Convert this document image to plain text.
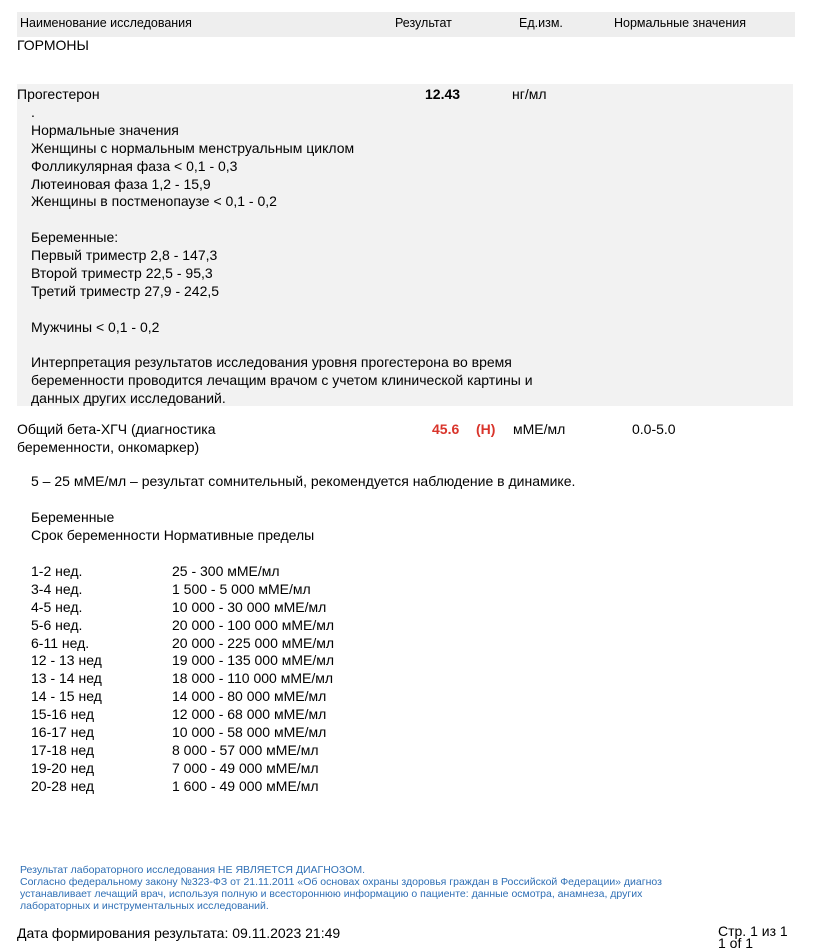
Наименование исследования	Результат	Ед.изм.	Нормальные значения
ГОРМОНЫ
Прогестерон	12.43	нг/мл
.
Нормальные значения
Женщины с нормальным менструальным циклом
Фолликулярная фаза < 0,1 - 0,3
Лютеиновая фаза 1,2 - 15,9
Женщины в постменопаузе < 0,1 - 0,2
Беременные:
Первый триместр 2,8 - 147,3
Второй триместр 22,5 - 95,3
Третий триместр 27,9 - 242,5
Мужчины < 0,1 - 0,2
Интерпретация результатов исследования уровня прогестерона во время
беременности проводится лечащим врачом с учетом клинической картины и
данных других исследований.
Общий бета-ХГЧ (диагностика
беременности, онкомаркер)
45.6 (H) мМЕ/мл	0.0-5.0
5 – 25 мМЕ/мл – результат сомнительный, рекомендуется наблюдение в динамике.
Беременные
Срок беременности Нормативные пределы
1-2 нед.	25 - 300 мМЕ/мл
3-4 нед.	1 500 - 5 000 мМЕ/мл
4-5 нед.	10 000 - 30 000 мМЕ/мл
5-6 нед.	20 000 - 100 000 мМЕ/мл
6-11 нед.	20 000 - 225 000 мМЕ/мл
12 - 13 нед	19 000 - 135 000 мМЕ/мл
13 - 14 нед	18 000 - 110 000 мМЕ/мл
14 - 15 нед	14 000 - 80 000 мМЕ/мл
15-16 нед	12 000 - 68 000 мМЕ/мл
16-17 нед	10 000 - 58 000 мМЕ/мл
17-18 нед	8 000 - 57 000 мМЕ/мл
19-20 нед	7 000 - 49 000 мМЕ/мл
20-28 нед	1 600 - 49 000 мМЕ/мл
Результат лабораторного исследования НЕ ЯВЛЯЕТСЯ ДИАГНОЗОМ.
Согласно федеральному закону №323-ФЗ от 21.11.2011 «Об основах охраны здоровья граждан в Российской Федерации» диагноз
устанавливает лечащий врач, используя полную и всестороннюю информацию о пациенте: данные осмотра, анамнеза, других
лабораторных и инструментальных исследований.
Дата формирования результата: 09.11.2023 21:49	Стр. 1 из 1
1 of 1
